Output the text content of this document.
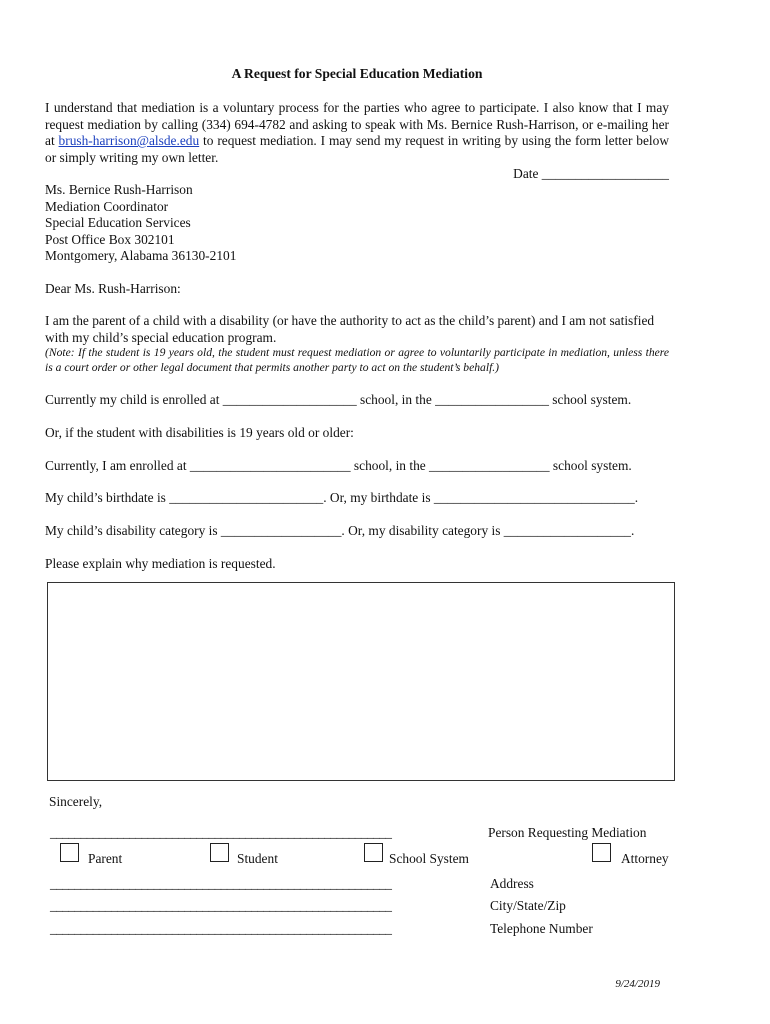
A Request for Special Education Mediation
I understand that mediation is a voluntary process for the parties who agree to participate. I also know that I may request mediation by calling (334) 694-4782 and asking to speak with Ms. Bernice Rush-Harrison, or e-mailing her at brush-harrison@alsde.edu to request mediation. I may send my request in writing by using the form letter below or simply writing my own letter.
Date ___________________
Ms. Bernice Rush-Harrison
Mediation Coordinator
Special Education Services
Post Office Box 302101
Montgomery, Alabama 36130-2101
Dear Ms. Rush-Harrison:
I am the parent of a child with a disability (or have the authority to act as the child’s parent) and I am not satisfied with my child’s special education program.
(Note: If the student is 19 years old, the student must request mediation or agree to voluntarily participate in mediation, unless there is a court order or other legal document that permits another party to act on the student’s behalf.)
Currently my child is enrolled at ____________________ school, in the _________________ school system.
Or, if the student with disabilities is 19 years old or older:
Currently, I am enrolled at ________________________ school, in the __________________ school system.
My child’s birthdate is _______________________. Or, my birthdate is ______________________________.
My child’s disability category is __________________. Or, my disability category is ___________________.
Please explain why mediation is requested.
Sincerely,
________________________________________________________	Person Requesting Mediation
Parent	Student	School System	Attorney
________________________________________________________	Address
________________________________________________________	City/State/Zip
________________________________________________________	Telephone Number
9/24/2019
